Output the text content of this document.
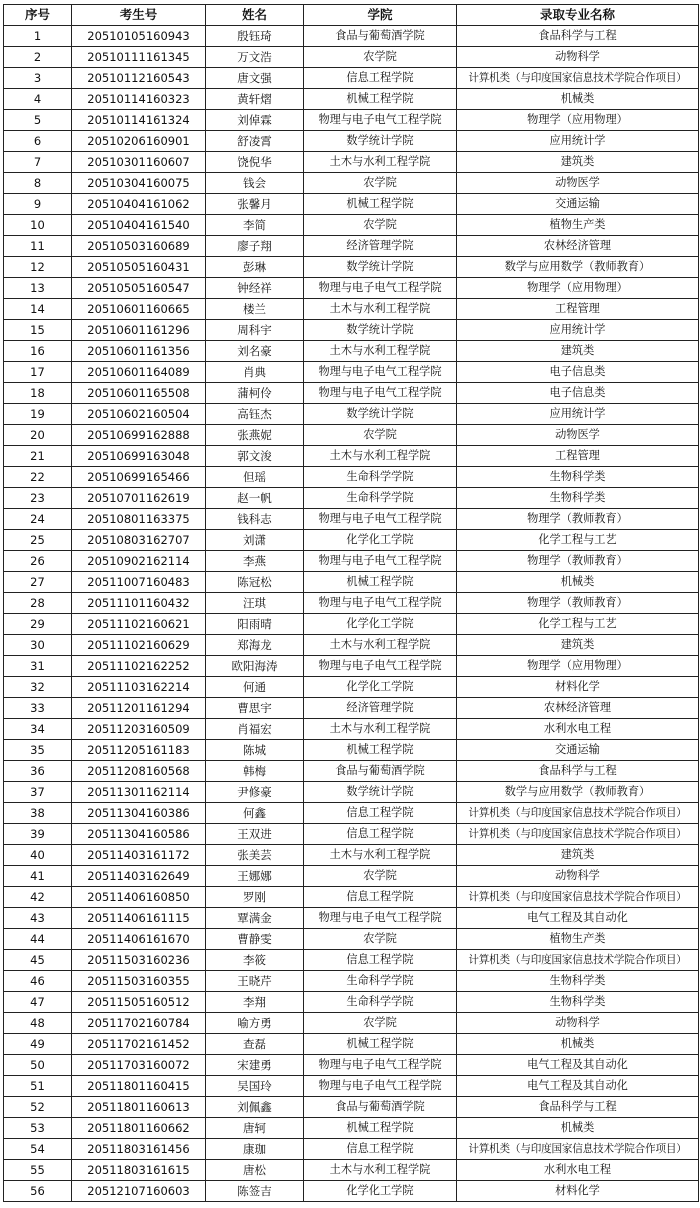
序号	考生号	姓名	学院	录取专业名称
1	20510105160943	殷钰琦	食品与葡萄酒学院	食品科学与工程
2	20510111161345	万文浩	农学院	动物科学
3	20510112160543	唐文强	信息工程学院	计算机类（与印度国家信息技术学院合作项目）
4	20510114160323	黄轩熠	机械工程学院	机械类
5	20510114161324	刘倬霖	物理与电子电气工程学院	物理学（应用物理）
6	20510206160901	舒凌霄	数学统计学院	应用统计学
7	20510301160607	饶倪华	土木与水利工程学院	建筑类
8	20510304160075	钱会	农学院	动物医学
9	20510404161062	张馨月	机械工程学院	交通运输
10	20510404161540	李简	农学院	植物生产类
11	20510503160689	廖子翔	经济管理学院	农林经济管理
12	20510505160431	彭琳	数学统计学院	数学与应用数学（教师教育）
13	20510505160547	钟经祥	物理与电子电气工程学院	物理学（应用物理）
14	20510601160665	楼兰	土木与水利工程学院	工程管理
15	20510601161296	周科宇	数学统计学院	应用统计学
16	20510601161356	刘名豪	土木与水利工程学院	建筑类
17	20510601164089	肖典	物理与电子电气工程学院	电子信息类
18	20510601165508	蒲柯伶	物理与电子电气工程学院	电子信息类
19	20510602160504	高钰杰	数学统计学院	应用统计学
20	20510699162888	张燕妮	农学院	动物医学
21	20510699163048	郭文浚	土木与水利工程学院	工程管理
22	20510699165466	但瑶	生命科学学院	生物科学类
23	20510701162619	赵一帆	生命科学学院	生物科学类
24	20510801163375	钱科志	物理与电子电气工程学院	物理学（教师教育）
25	20510803162707	刘潇	化学化工学院	化学工程与工艺
26	20510902162114	李燕	物理与电子电气工程学院	物理学（教师教育）
27	20511007160483	陈冠松	机械工程学院	机械类
28	20511101160432	汪琪	物理与电子电气工程学院	物理学（教师教育）
29	20511102160621	阳雨晴	化学化工学院	化学工程与工艺
30	20511102160629	郑海龙	土木与水利工程学院	建筑类
31	20511102162252	欧阳海涛	物理与电子电气工程学院	物理学（应用物理）
32	20511103162214	何通	化学化工学院	材料化学
33	20511201161294	曹思宇	经济管理学院	农林经济管理
34	20511203160509	肖福宏	土木与水利工程学院	水利水电工程
35	20511205161183	陈城	机械工程学院	交通运输
36	20511208160568	韩梅	食品与葡萄酒学院	食品科学与工程
37	20511301162114	尹修豪	数学统计学院	数学与应用数学（教师教育）
38	20511304160386	何鑫	信息工程学院	计算机类（与印度国家信息技术学院合作项目）
39	20511304160586	王双进	信息工程学院	计算机类（与印度国家信息技术学院合作项目）
40	20511403161172	张美芸	土木与水利工程学院	建筑类
41	20511403162649	王娜娜	农学院	动物科学
42	20511406160850	罗刚	信息工程学院	计算机类（与印度国家信息技术学院合作项目）
43	20511406161115	覃满金	物理与电子电气工程学院	电气工程及其自动化
44	20511406161670	曹静雯	农学院	植物生产类
45	20511503160236	李筱	信息工程学院	计算机类（与印度国家信息技术学院合作项目）
46	20511503160355	王晓芹	生命科学学院	生物科学类
47	20511505160512	李翔	生命科学学院	生物科学类
48	20511702160784	喻方勇	农学院	动物科学
49	20511702161452	查磊	机械工程学院	机械类
50	20511703160072	宋建勇	物理与电子电气工程学院	电气工程及其自动化
51	20511801160415	吴国玲	物理与电子电气工程学院	电气工程及其自动化
52	20511801160613	刘佩鑫	食品与葡萄酒学院	食品科学与工程
53	20511801160662	唐轲	机械工程学院	机械类
54	20511803161456	康珈	信息工程学院	计算机类（与印度国家信息技术学院合作项目）
55	20511803161615	唐松	土木与水利工程学院	水利水电工程
56	20512107160603	陈签吉	化学化工学院	材料化学
